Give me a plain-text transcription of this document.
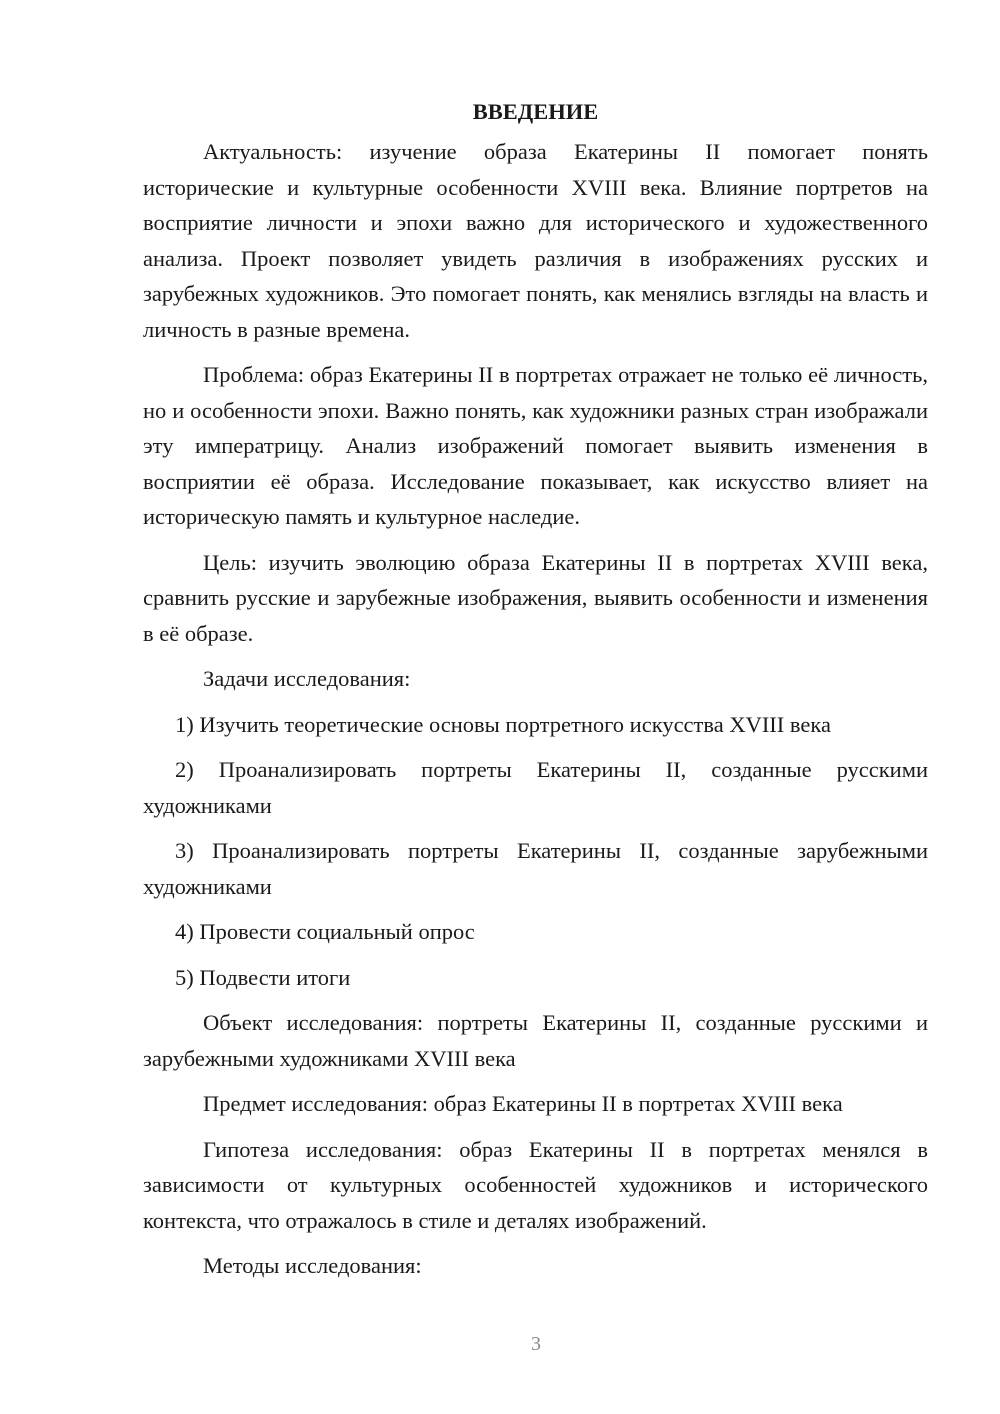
ВВЕДЕНИЕ

Актуальность: изучение образа Екатерины II помогает понять исторические и культурные особенности XVIII века. Влияние портретов на восприятие личности и эпохи важно для исторического и художественного анализа. Проект позволяет увидеть различия в изображениях русских и зарубежных художников. Это помогает понять, как менялись взгляды на власть и личность в разные времена.

Проблема: образ Екатерины II в портретах отражает не только её личность, но и особенности эпохи. Важно понять, как художники разных стран изображали эту императрицу. Анализ изображений помогает выявить изменения в восприятии её образа. Исследование показывает, как искусство влияет на историческую память и культурное наследие.

Цель: изучить эволюцию образа Екатерины II в портретах XVIII века, сравнить русские и зарубежные изображения, выявить особенности и изменения в её образе.

Задачи исследования:

1) Изучить теоретические основы портретного искусства XVIII века

2) Проанализировать портреты Екатерины II, созданные русскими художниками

3) Проанализировать портреты Екатерины II, созданные зарубежными художниками

4) Провести социальный опрос

5) Подвести итоги

Объект исследования: портреты Екатерины II, созданные русскими и зарубежными художниками XVIII века

Предмет исследования: образ Екатерины II в портретах XVIII века

Гипотеза исследования: образ Екатерины II в портретах менялся в зависимости от культурных особенностей художников и исторического контекста, что отражалось в стиле и деталях изображений.

Методы исследования:

3
